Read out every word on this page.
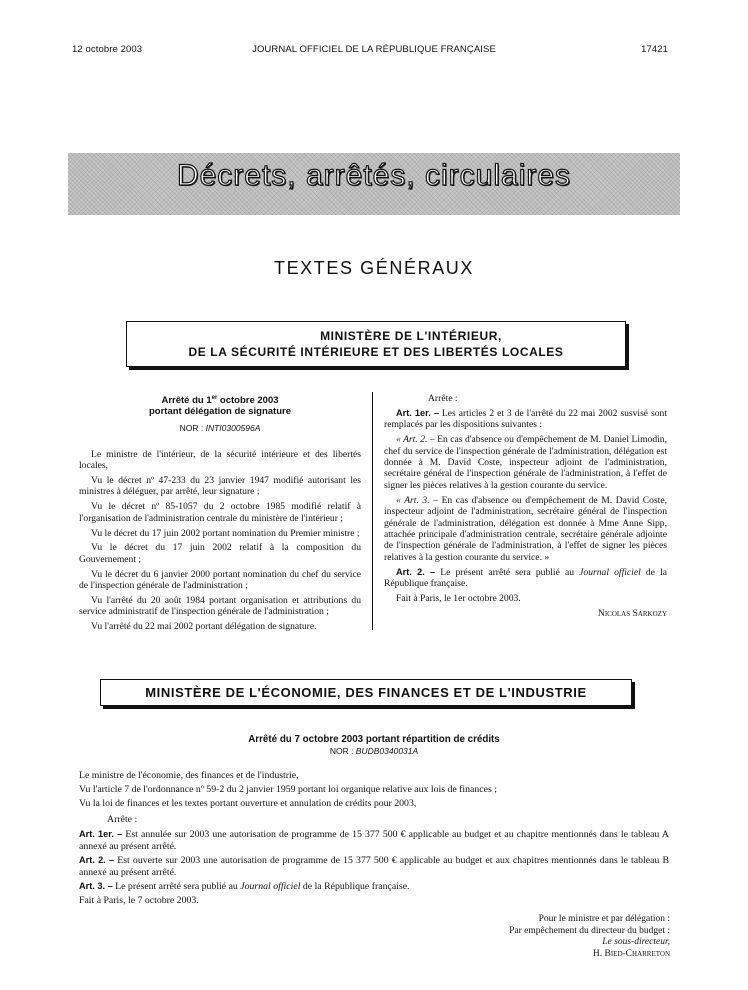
12 octobre 2003	JOURNAL OFFICIEL DE LA RÉPUBLIQUE FRANÇAISE	17421
Décrets, arrêtés, circulaires
TEXTES GÉNÉRAUX
MINISTÈRE DE L'INTÉRIEUR,
DE LA SÉCURITÉ INTÉRIEURE ET DES LIBERTÉS LOCALES
Arrêté du 1er octobre 2003
portant délégation de signature
NOR : INTI0300596A

Le ministre de l'intérieur, de la sécurité intérieure et des libertés locales,

Vu le décret nº 47-233 du 23 janvier 1947 modifié autorisant les ministres à déléguer, par arrêté, leur signature ;

Vu le décret nº 85-1057 du 2 octobre 1985 modifié relatif à l'organisation de l'administration centrale du ministère de l'intérieur ;

Vu le décret du 17 juin 2002 portant nomination du Premier ministre ;

Vu le décret du 17 juin 2002 relatif à la composition du Gouvernement ;

Vu le décret du 6 janvier 2000 portant nomination du chef du service de l'inspection générale de l'administration ;

Vu l'arrêté du 20 août 1984 portant organisation et attributions du service administratif de l'inspection générale de l'administration ;

Vu l'arrêté du 22 mai 2002 portant délégation de signature.

Arrête :

Art. 1er. – Les articles 2 et 3 de l'arrêté du 22 mai 2002 susvisé sont remplacés par les dispositions suivantes :

« Art. 2. – En cas d'absence ou d'empêchement de M. Daniel Limodin, chef du service de l'inspection générale de l'administration, délégation est donnée à M. David Coste, inspecteur adjoint de l'administration, secrétaire général de l'inspection générale de l'administration, à l'effet de signer les pièces relatives à la gestion courante du service.

« Art. 3. – En cas d'absence ou d'empêchement de M. David Coste, inspecteur adjoint de l'administration, secrétaire général de l'inspection générale de l'administration, délégation est donnée à Mme Anne Sipp, attachée principale d'administration centrale, secrétaire générale adjointe de l'inspection générale de l'administration, à l'effet de signer les pièces relatives à la gestion courante du service. »

Art. 2. – Le présent arrêté sera publié au Journal officiel de la République française.

Fait à Paris, le 1er octobre 2003.

Nicolas Sarkozy
MINISTÈRE DE L'ÉCONOMIE, DES FINANCES ET DE L'INDUSTRIE
Arrêté du 7 octobre 2003 portant répartition de crédits
NOR : BUDB0340031A

Le ministre de l'économie, des finances et de l'industrie,

Vu l'article 7 de l'ordonnance nº 59-2 du 2 janvier 1959 portant loi organique relative aux lois de finances ;

Vu la loi de finances et les textes portant ouverture et annulation de crédits pour 2003,

Arrête :

Art. 1er. – Est annulée sur 2003 une autorisation de programme de 15 377 500 € applicable au budget et au chapitre mentionnés dans le tableau A annexé au présent arrêté.

Art. 2. – Est ouverte sur 2003 une autorisation de programme de 15 377 500 € applicable au budget et aux chapitres mentionnés dans le tableau B annexé au présent arrêté.

Art. 3. – Le présent arrêté sera publié au Journal officiel de la République française.

Fait à Paris, le 7 octobre 2003.

Pour le ministre et par délégation :
Par empêchement du directeur du budget :
Le sous-directeur,
H. Bied-Charreton
